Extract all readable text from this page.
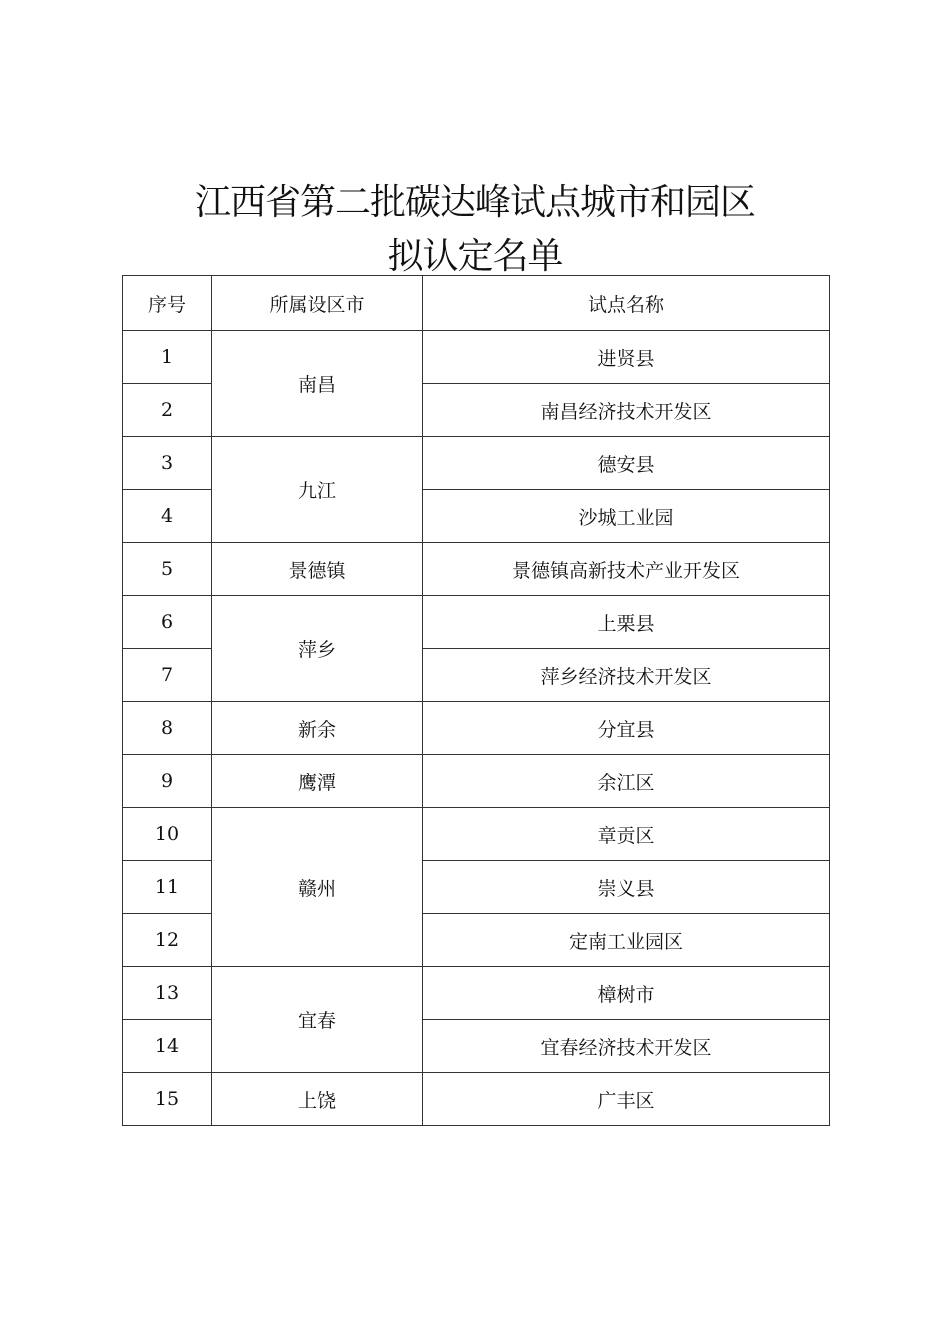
江西省第二批碳达峰试点城市和园区
拟认定名单
序号	所属设区市	试点名称
1	南昌	进贤县
2		南昌经济技术开发区
3	九江	德安县
4		沙城工业园
5	景德镇	景德镇高新技术产业开发区
6	萍乡	上栗县
7		萍乡经济技术开发区
8	新余	分宜县
9	鹰潭	余江区
10	赣州	章贡区
11		崇义县
12		定南工业园区
13	宜春	樟树市
14		宜春经济技术开发区
15	上饶	广丰区
